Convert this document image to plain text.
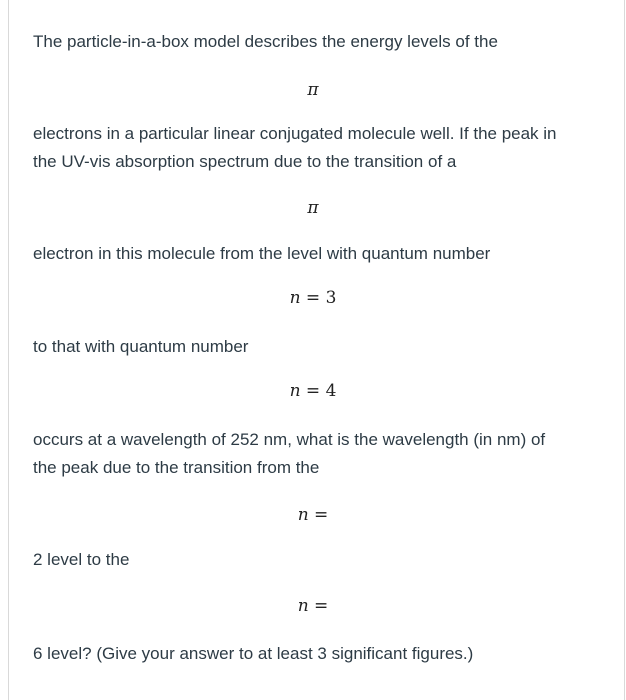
The particle-in-a-box model describes the energy levels of the
π
electrons in a particular linear conjugated molecule well. If the peak in
the UV-vis absorption spectrum due to the transition of a
π
electron in this molecule from the level with quantum number
n = 3
to that with quantum number
n = 4
occurs at a wavelength of 252 nm, what is the wavelength (in nm) of
the peak due to the transition from the
n =
2 level to the
n =
6 level? (Give your answer to at least 3 significant figures.)
